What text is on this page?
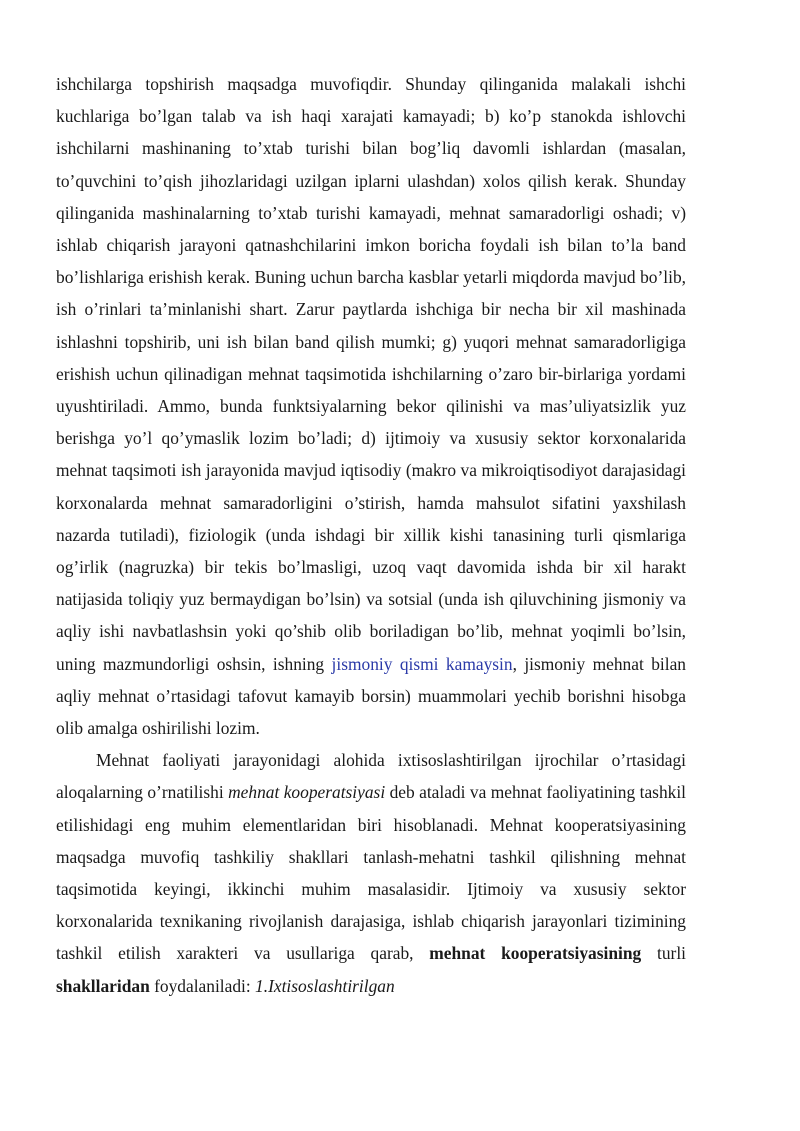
ishchilarga topshirish maqsadga muvofiqdir. Shunday qilinganida malakali ishchi kuchlariga bo’lgan talab va ish haqi xarajati kamayadi; b) ko’p stanokda ishlovchi ishchilarni mashinaning to’xtab turishi bilan bog’liq davomli ishlardan (masalan, to’quvchini to’qish jihozlaridagi uzilgan iplarni ulashdan) xolos qilish kerak. Shunday qilinganida mashinalarning to’xtab turishi kamayadi, mehnat samaradorligi oshadi; v) ishlab chiqarish jarayoni qatnashchilarini imkon boricha foydali ish bilan to’la band bo’lishlariga erishish kerak. Buning uchun barcha kasblar yetarli miqdorda mavjud bo’lib, ish o’rinlari ta’minlanishi shart. Zarur paytlarda ishchiga bir necha bir xil mashinada ishlashni topshirib, uni ish bilan band qilish mumki; g) yuqori mehnat samaradorligiga erishish uchun qilinadigan mehnat taqsimotida ishchilarning o’zaro bir-birlariga yordami uyushtiriladi. Ammo, bunda funktsiyalarning bekor qilinishi va mas’uliyatsizlik yuz berishga yo’l qo’ymaslik lozim bo’ladi; d) ijtimoiy va xususiy sektor korxonalarida mehnat taqsimoti ish jarayonida mavjud iqtisodiy (makro va mikroiqtisodiyot darajasidagi korxonalarda mehnat samaradorligini o’stirish, hamda mahsulot sifatini yaxshilash nazarda tutiladi), fiziologik (unda ishdagi bir xillik kishi tanasining turli qismlariga og’irlik (nagruzka) bir tekis bo’lmasligi, uzoq vaqt davomida ishda bir xil harakt natijasida toliqiy yuz bermaydigan bo’lsin) va sotsial (unda ish qiluvchining jismoniy va aqliy ishi navbatlashsin yoki qo’shib olib boriladigan bo’lib, mehnat yoqimli bo’lsin, uning mazmundorligi oshsin, ishning jismoniy qismi kamaysin, jismoniy mehnat bilan aqliy mehnat o’rtasidagi tafovut kamayib borsin) muammolari yechib borishni hisobga olib amalga oshirilishi lozim.

Mehnat faoliyati jarayonidagi alohida ixtisoslashtirilgan ijrochilar o’rtasidagi aloqalarning o’rnatilishi mehnat kooperatsiyasi deb ataladi va mehnat faoliyatining tashkil etilishidagi eng muhim elementlaridan biri hisoblanadi. Mehnat kooperatsiyasining maqsadga muvofiq tashkiliy shakllari tanlash-mehatni tashkil qilishning mehnat taqsimotida keyingi, ikkinchi muhim masalasidir. Ijtimoiy va xususiy sektor korxonalarida texnikaning rivojlanish darajasiga, ishlab chiqarish jarayonlari tizimining tashkil etilish xarakteri va usullariga qarab, mehnat kooperatsiyasining turli shakllaridan foydalaniladi: 1.Ixtisoslashtirilgan
